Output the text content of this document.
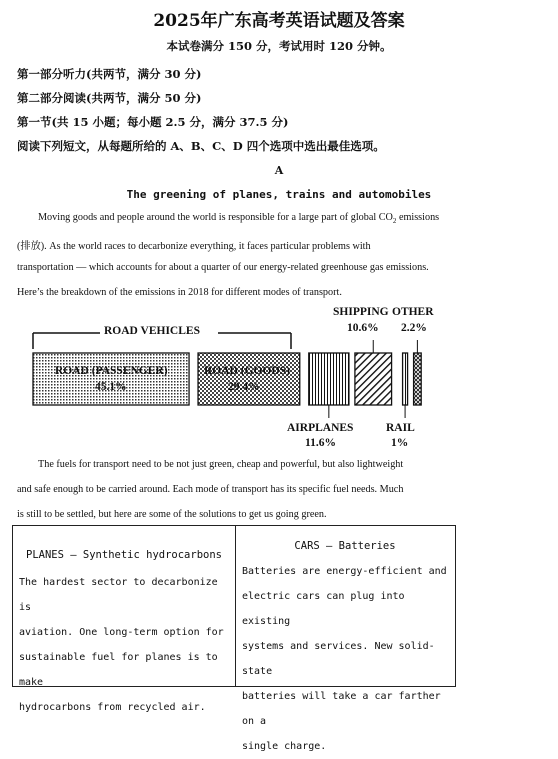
2025年广东高考英语试题及答案
本试卷满分 150 分，考试用时 120 分钟。
第一部分听力(共两节，满分 30 分)
第二部分阅读(共两节，满分 50 分)
第一节(共 15 小题；每小题 2.5 分，满分 37.5 分)
阅读下列短文，从每题所给的 A、B、C、D 四个选项中选出最佳选项。
A
The greening of planes, trains and automobiles
Moving goods and people around the world is responsible for a large part of global $CO_2$ emissions
(排放). As the world races to decarbonize everything, it faces particular problems with
transportation — which accounts for about a quarter of our energy-related greenhouse gas emissions.
Here’s the breakdown of the emissions in 2018 for different modes of transport.
ROAD VEHICLES
ROAD (PASSENGER)
45.1%
ROAD (GOODS)
29.4%
AIRPLANES
11.6%
SHIPPING
10.6%
RAIL
1%
OTHER
2.2%
The fuels for transport need to be not just green, cheap and powerful, but also lightweight
and safe enough to be carried around. Each mode of transport has its specific fuel needs. Much
is still to be settled, but here are some of the solutions to get us going green.
PLANES — Synthetic hydrocarbons
The hardest sector to decarbonize is
aviation. One long-term option for
sustainable fuel for planes is to make
hydrocarbons from recycled air.
CARS — Batteries
Batteries are energy-efficient and
electric cars can plug into existing
systems and services. New solid-state
batteries will take a car farther on a
single charge.
